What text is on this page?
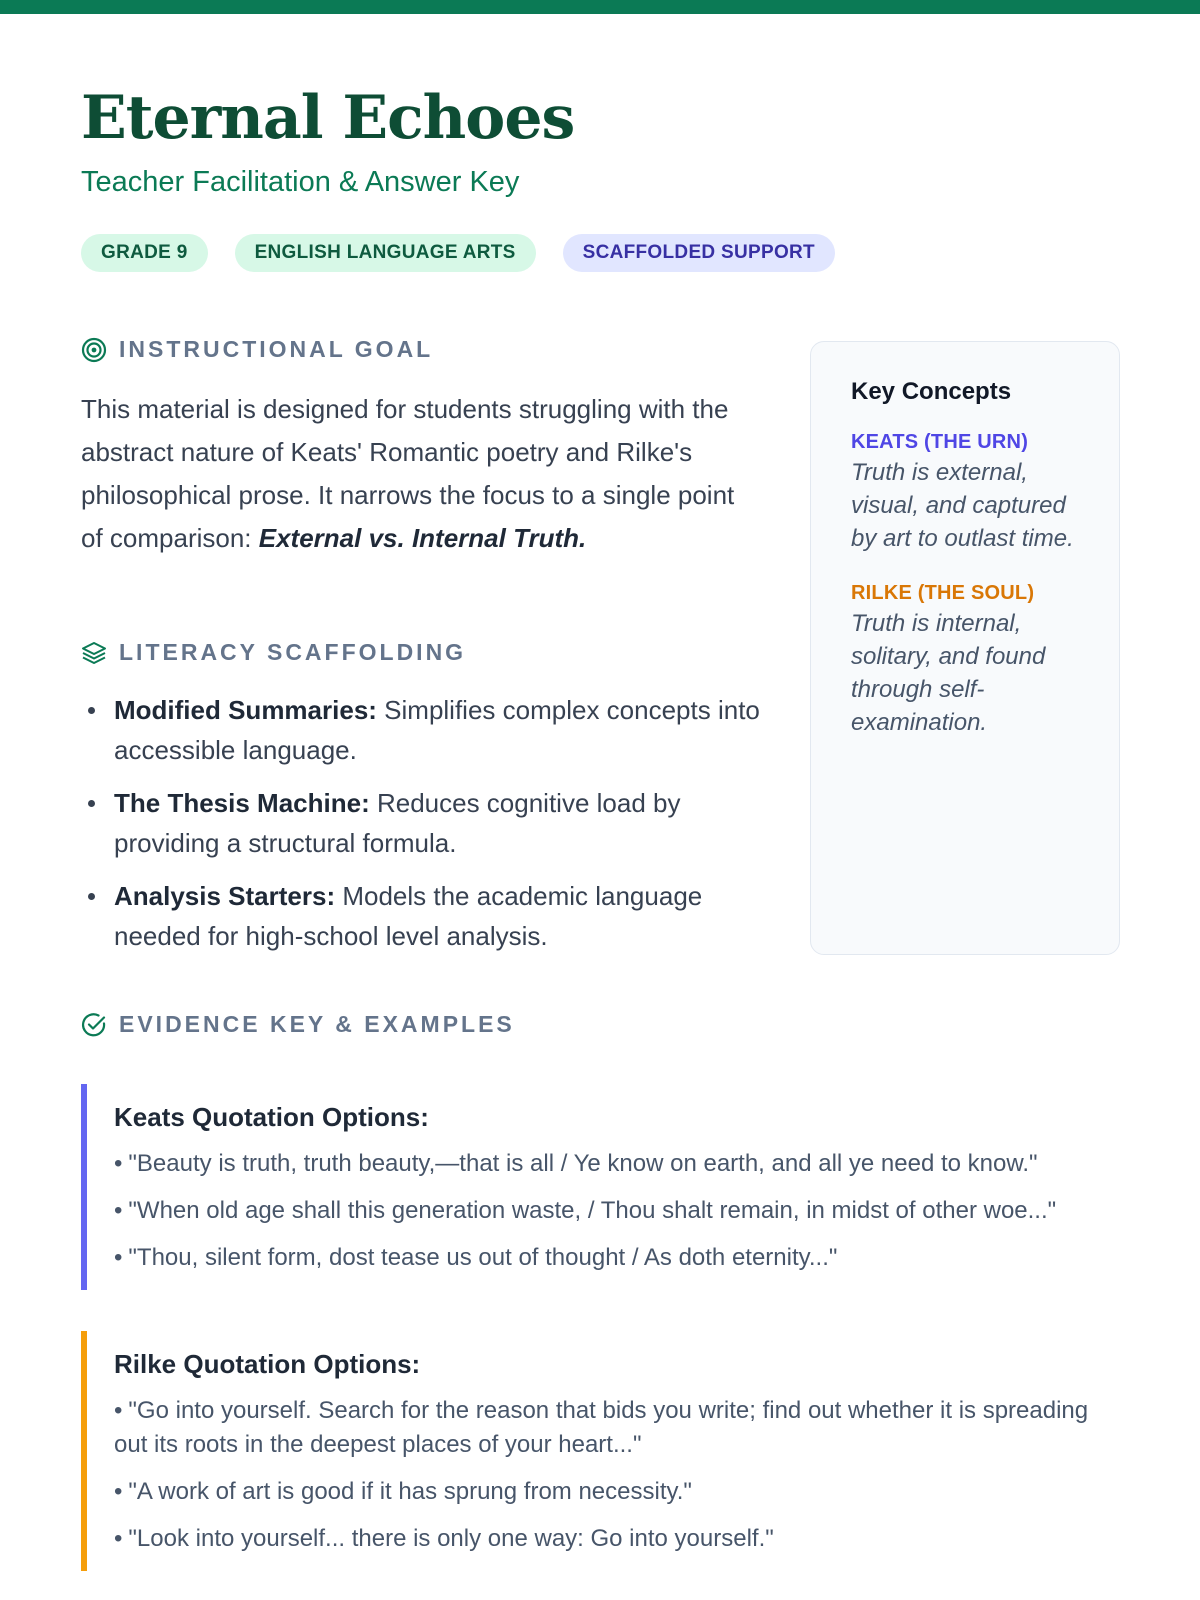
Eternal Echoes
Teacher Facilitation & Answer Key
GRADE 9	ENGLISH LANGUAGE ARTS	SCAFFOLDED SUPPORT
INSTRUCTIONAL GOAL
This material is designed for students struggling with the abstract nature of Keats' Romantic poetry and Rilke's philosophical prose. It narrows the focus to a single point of comparison: External vs. Internal Truth.
LITERACY SCAFFOLDING
Modified Summaries: Simplifies complex concepts into accessible language.
The Thesis Machine: Reduces cognitive load by providing a structural formula.
Analysis Starters: Models the academic language needed for high-school level analysis.
Key Concepts
KEATS (THE URN)
Truth is external, visual, and captured by art to outlast time.
RILKE (THE SOUL)
Truth is internal, solitary, and found through self-examination.
EVIDENCE KEY & EXAMPLES
Keats Quotation Options:
• "Beauty is truth, truth beauty,—that is all / Ye know on earth, and all ye need to know."
• "When old age shall this generation waste, / Thou shalt remain, in midst of other woe..."
• "Thou, silent form, dost tease us out of thought / As doth eternity..."
Rilke Quotation Options:
• "Go into yourself. Search for the reason that bids you write; find out whether it is spreading out its roots in the deepest places of your heart..."
• "A work of art is good if it has sprung from necessity."
• "Look into yourself... there is only one way: Go into yourself."
